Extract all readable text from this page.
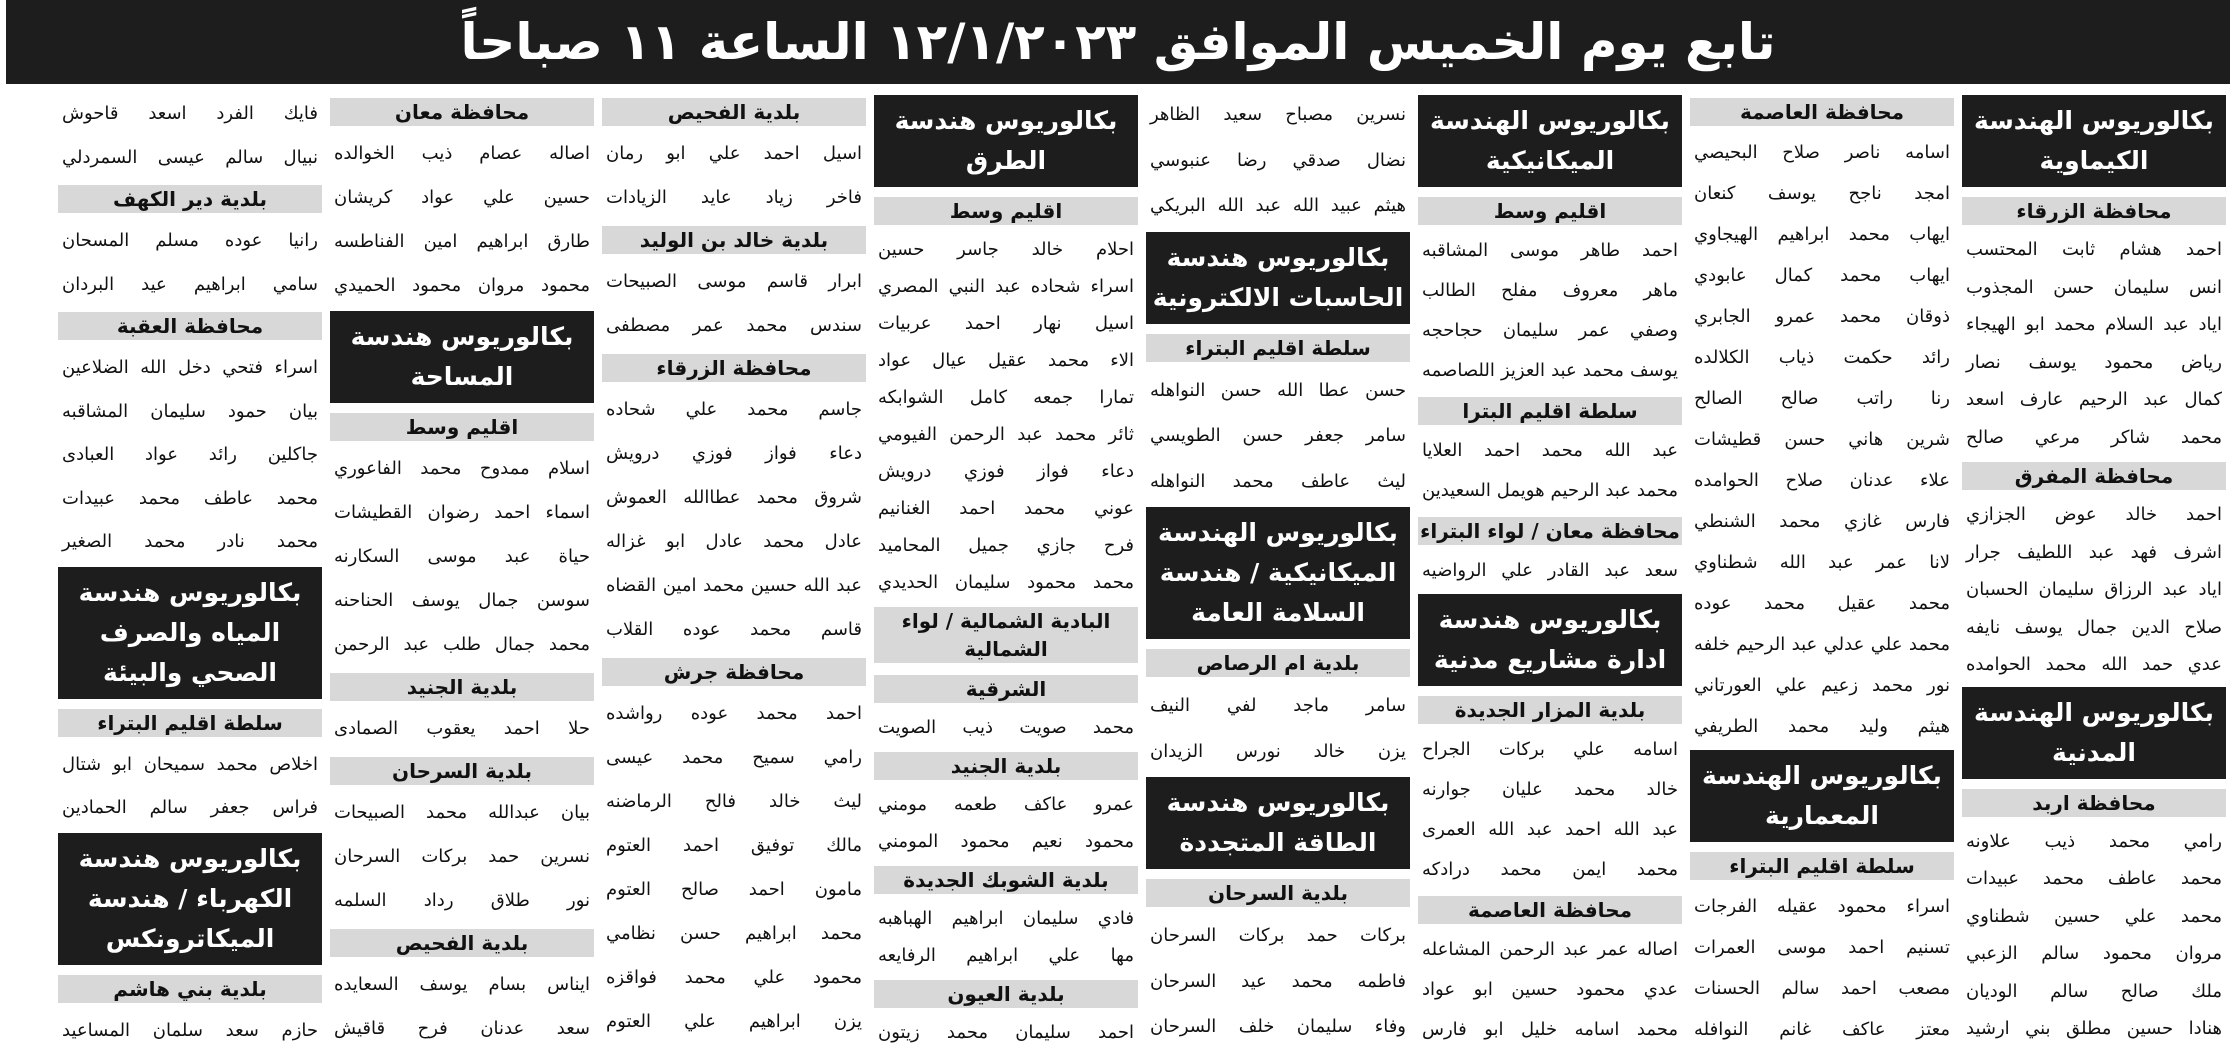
تابع يوم الخميس الموافق ١٢/١/٢٠٢٣ الساعة ١١ صباحاً
بكالوريوس الهندسة الكيماوية
محافظة الزرقاء
احمد هشام ثابت المحتسب
انس سليمان حسن المجذوب
اياد عبد السلام محمد ابو الهيجاء
رياض محمود يوسف نصار
كمال عبد الرحيم عارف اسعد
محمد شاكر مرعي صالح
محافظة المفرق
احمد خالد عوض الجزازي
اشرف فهد عبد اللطيف جرار
اياد عبد الرزاق سليمان الحسبان
صلاح الدين جمال يوسف نايفه
عدي حمد الله محمد الحوامده
بكالوريوس الهندسة المدنية
محافظة اربد
رامي محمد ذيب علاونه
محمد عاطف محمد عبيدات
محمد علي حسين شطناوي
مروان محمود سالم الزعبي
ملك صالح سالم الوديان
هنادا حسين مطلق بني ارشيد
محافظة العاصمة
اسامه ناصر صلاح البحيصي
امجد ناجح يوسف كنعان
ايهاب محمد ابراهيم الهيجاوي
ايهاب محمد كمال عابودي
ذوقان محمد عمرو الجابري
رائد حكمت ذياب الكلالده
رنا راتب صالح الصالح
شرين هاني حسن قطيشات
علاء عدنان صلاح الحوامده
فارس غازي محمد الشنطي
لانا عمر عبد الله شطناوي
محمد عقيل محمد عوده
محمد علي عدلي عبد الرحيم خلفه
نور محمد زعيم علي العورتاني
هيثم وليد محمد الطريفي
بكالوريوس الهندسة المعمارية
سلطة اقليم البتراء
اسراء محمود عقيله الفرجات
تسنيم احمد موسى العمرات
مصعب احمد سالم الحسنات
معتز عاكف غانم النوافله
بكالوريوس الهندسة الميكانيكية
اقليم وسط
احمد طاهر موسى المشاقبه
ماهر معروف مفلح الطالب
وصفي عمر سليمان حجاحجه
يوسف محمد عبد العزيز اللصاصمه
سلطة اقليم البترا
عبد الله محمد احمد العلايا
محمد عبد الرحيم هويمل السعيدين
محافظة معان / لواء البتراء
سعد عبد القادر علي الرواضيه
بكالوريوس هندسة ادارة مشاريع مدنية
بلدية المزار الجديدة
اسامه علي بركات الجراح
خالد محمد عليان جوارنه
عبد الله احمد عبد الله العمرى
محمد ايمن محمد درادكه
محافظة العاصمة
اصاله عمر عبد الرحمن المشاعله
عدي محمود حسين ابو عواد
محمد اسامه خليل ابو فارس
نسرين مصباح سعيد الظاهر
نضال صدقي رضا عنبوسي
هيثم عبيد الله عبد الله البريكي
بكالوريوس هندسة الحاسبات الالكترونية
سلطة اقليم البتراء
حسن عطا الله حسن النواهله
سامر جعفر حسن الطويسي
ليث عاطف محمد النواهله
بكالوريوس الهندسة الميكانيكية / هندسة السلامة العامة
بلدية ام الرصاص
سامر ماجد لفي النيف
يزن خالد نورس الزيدان
بكالوريوس هندسة الطاقة المتجددة
بلدية السرحان
بركات حمد بركات السرحان
فاطمه محمد عيد السرحان
وفاء سليمان خلف السرحان
بكالوريوس هندسة الطرق
اقليم وسط
احلام خالد جاسر حسين
اسراء شحاده عبد النبي المصري
اسيل نهار احمد عربيات
الاء محمد عقيل عيال عواد
تمارا جمعه كامل الشوابكه
ثائر محمد عبد الرحمن الفيومي
دعاء فواز فوزي درويش
عوني محمد احمد الغنانيم
فرح جازي جميل المحاميد
محمد محمود سليمان الحديدي
البادية الشمالية / لواء الشمالية
الشرقية
محمد صويت ذيب الصويت
بلدية الجنيد
عمرو عاكف طعمه مومني
محمود نعيم محمود المومني
بلدية الشوبك الجديدة
فادي سليمان ابراهيم الهباهبه
مها علي ابراهيم الرفايعه
بلدية العيون
احمد سليمان محمد زيتون
بلدية الفحيص
اسيل احمد علي ابو رمان
فاخر زياد عايد الزيادات
بلدية خالد بن الوليد
ابرار قاسم موسى الصبيحات
سندس محمد عمر مصطفى
محافظة الزرقاء
جاسم محمد علي شحاده
دعاء فواز فوزي درويش
شروق محمد عطاالله العموش
عادل محمد عادل ابو غزاله
عبد الله حسين محمد امين القضاه
قاسم محمد عوده القلاب
محافظة جرش
احمد محمد عوده رواشده
رامي سميح محمد عيسى
ليث خالد فالح الرماضنه
مالك توفيق احمد العتوم
مامون احمد صالح العتوم
محمد ابراهيم حسن نظامي
محمود علي محمد فواقزه
يزن ابراهيم علي العتوم
محافظة معان
اصاله عصام ذيب الخوالده
حسين علي عواد كريشان
طارق ابراهيم امين الفناطسه
محمود مروان محمود الحميدي
بكالوريوس هندسة المساحة
اقليم وسط
اسلام ممدوح محمد الفاعوري
اسماء احمد رضوان القطيشات
حياة عبد موسى السكارنه
سوسن جمال يوسف الحناحنه
محمد جمال طلب عبد الرحمن
بلدية الجنيد
حلا احمد يعقوب الصمادى
بلدية السرحان
بيان عبدالله محمد الصبيحات
نسرين حمد بركات السرحان
نور طلاق رداد السلمه
بلدية الفحيص
ايناس بسام يوسف السعايده
سعد عدنان فرح قاقيش
فايك الفرد اسعد قاحوش
نبيال سالم عيسى السمردلي
بلدية دير الكهف
رانيا عوده مسلم المسحان
سامي ابراهيم عيد البردان
محافظة العقبة
اسراء فتحي دخل الله الضلاعين
بيان حمود سليمان المشاقبه
جاكلين رائد عواد العبادى
محمد عاطف محمد عبيدات
محمد نادر محمد الصغير
بكالوريوس هندسة المياه والصرف الصحي والبيئة
سلطة اقليم البتراء
اخلاص محمد سميحان ابو شتال
فراس جعفر سالم الحمادين
بكالوريوس هندسة الكهرباء / هندسة الميكاترونكس
بلدية بني هاشم
حازم سعد سلمان المساعيد
